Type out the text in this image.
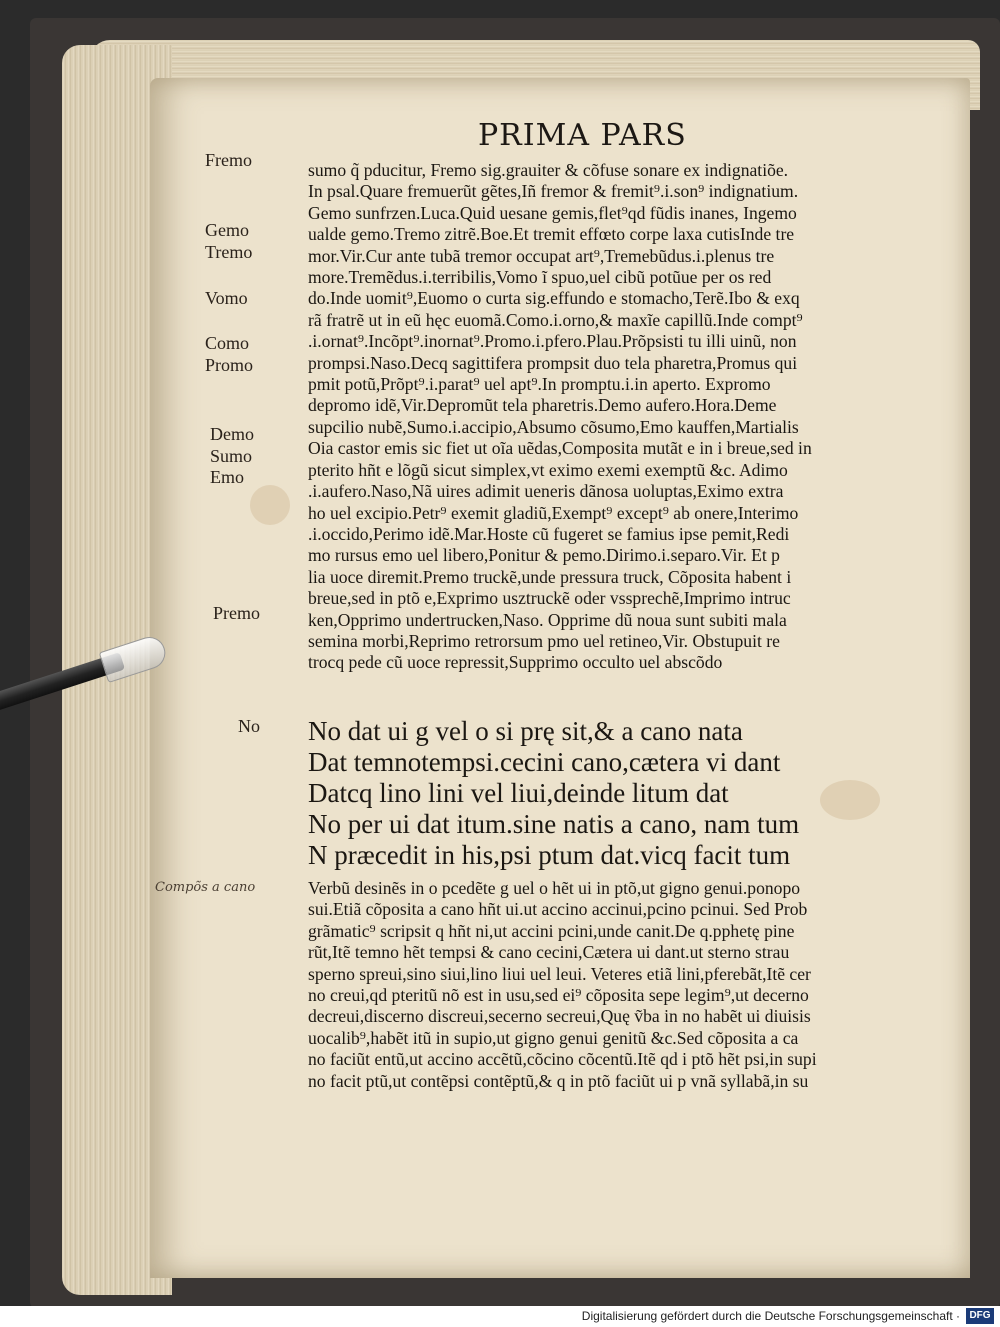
PRIMA PARS
Fremo
Gemo
Tremo
Vomo
Como
Promo
Demo
Sumo
Emo
Premo
No
sumo q̃ pducitur, Fremo sig.grauiter & cõfuse sonare ex indignatiõe.
In psal.Quare fremuerũt gẽtes,Iñ fremor & fremit⁹.i.son⁹ indignatium.
Gemo sunfrzen.Luca.Quid uesane gemis,flet⁹qd fũdis inanes, Ingemo
ualde gemo.Tremo zitrẽ.Boe.Et tremit effœto corpe laxa cutisInde tre
mor.Vir.Cur ante tubã tremor occupat art⁹,Tremebũdus.i.plenus tre
more.Tremẽdus.i.terribilis,Vomo ĩ spuo,uel cibũ potũue per os red
do.Inde uomit⁹,Euomo o curta sig.effundo e stomacho,Terẽ.Ibo & exq
rã fratrẽ ut in eũ hęc euomã.Como.i.orno,& maxĩe capillũ.Inde compt⁹
.i.ornat⁹.Incõpt⁹.inornat⁹.Promo.i.pfero.Plau.Prõpsisti tu illi uinũ, non
prompsi.Naso.Decq sagittifera prompsit duo tela pharetra,Promus qui
pmit potũ,Prõpt⁹.i.parat⁹ uel apt⁹.In promptu.i.in aperto. Expromo
depromo idẽ,Vir.Depromũt tela pharetris.Demo aufero.Hora.Deme
supcilio nubẽ,Sumo.i.accipio,Absumo cõsumo,Emo kauffen,Martialis
Oia castor emis sic fiet ut oĩa uẽdas,Composita mutãt e in i breue,sed in
pterito hñt e lõgũ sicut simplex,vt eximo exemi exemptũ &c. Adimo
.i.aufero.Naso,Nã uires adimit ueneris dãnosa uoluptas,Eximo extra
ho uel excipio.Petr⁹ exemit gladiũ,Exempt⁹ except⁹ ab onere,Interimo
.i.occido,Perimo idẽ.Mar.Hoste cũ fugeret se famius ipse pemit,Redi
mo rursus emo uel libero,Ponitur & pemo.Dirimo.i.separo.Vir. Et p
lia uoce diremit.Premo truckẽ,unde pressura truck, Cõposita habent i
breue,sed in ptõ e,Exprimo usztruckẽ oder vssprechẽ,Imprimo intruc
ken,Opprimo undertrucken,Naso. Opprime dũ noua sunt subiti mala
semina morbi,Reprimo retrorsum pmo uel retineo,Vir. Obstupuit re
trocq pede cũ uoce repressit,Supprimo occulto uel abscõdo
No dat ui g vel o si prę sit,& a cano nata
Dat temnotempsi.cecini cano,cætera vi dant
Datcq lino lini vel liui,deinde litum dat
No per ui dat itum.sine natis a cano, nam tum
N præcedit in his,psi ptum dat.vicq facit tum
Compõs a cano	Verbũ desinẽs in o pcedẽte g uel o hẽt ui in ptõ,ut gigno genui.ponopo
sui.Etiã cõposita a cano hñt ui.ut accino accinui,pcino pcinui. Sed Prob
grãmatic⁹ scripsit q hñt ni,ut accini pcini,unde canit.De q.pphetę pine
rũt,Itẽ temno hẽt tempsi & cano cecini,Cætera ui dant.ut sterno strau
sperno spreui,sino siui,lino liui uel leui. Veteres etiã lini,pferebãt,Itẽ cer
no creui,qd pteritũ nõ est in usu,sed ei⁹ cõposita sepe legim⁹,ut decerno
decreui,discerno discreui,secerno secreui,Quę ṽba in no habẽt ui diuisis
uocalib⁹,habẽt itũ in supio,ut gigno genui genitũ &c.Sed cõposita a ca
no faciũt entũ,ut accino accẽtũ,cõcino cõcentũ.Itẽ qd i ptõ hẽt psi,in supi
no facit ptũ,ut contẽpsi contẽptũ,& q in ptõ faciũt ui p vnã syllabã,in su
Digitalisierung gefördert durch die Deutsche Forschungsgemeinschaft · DFG
